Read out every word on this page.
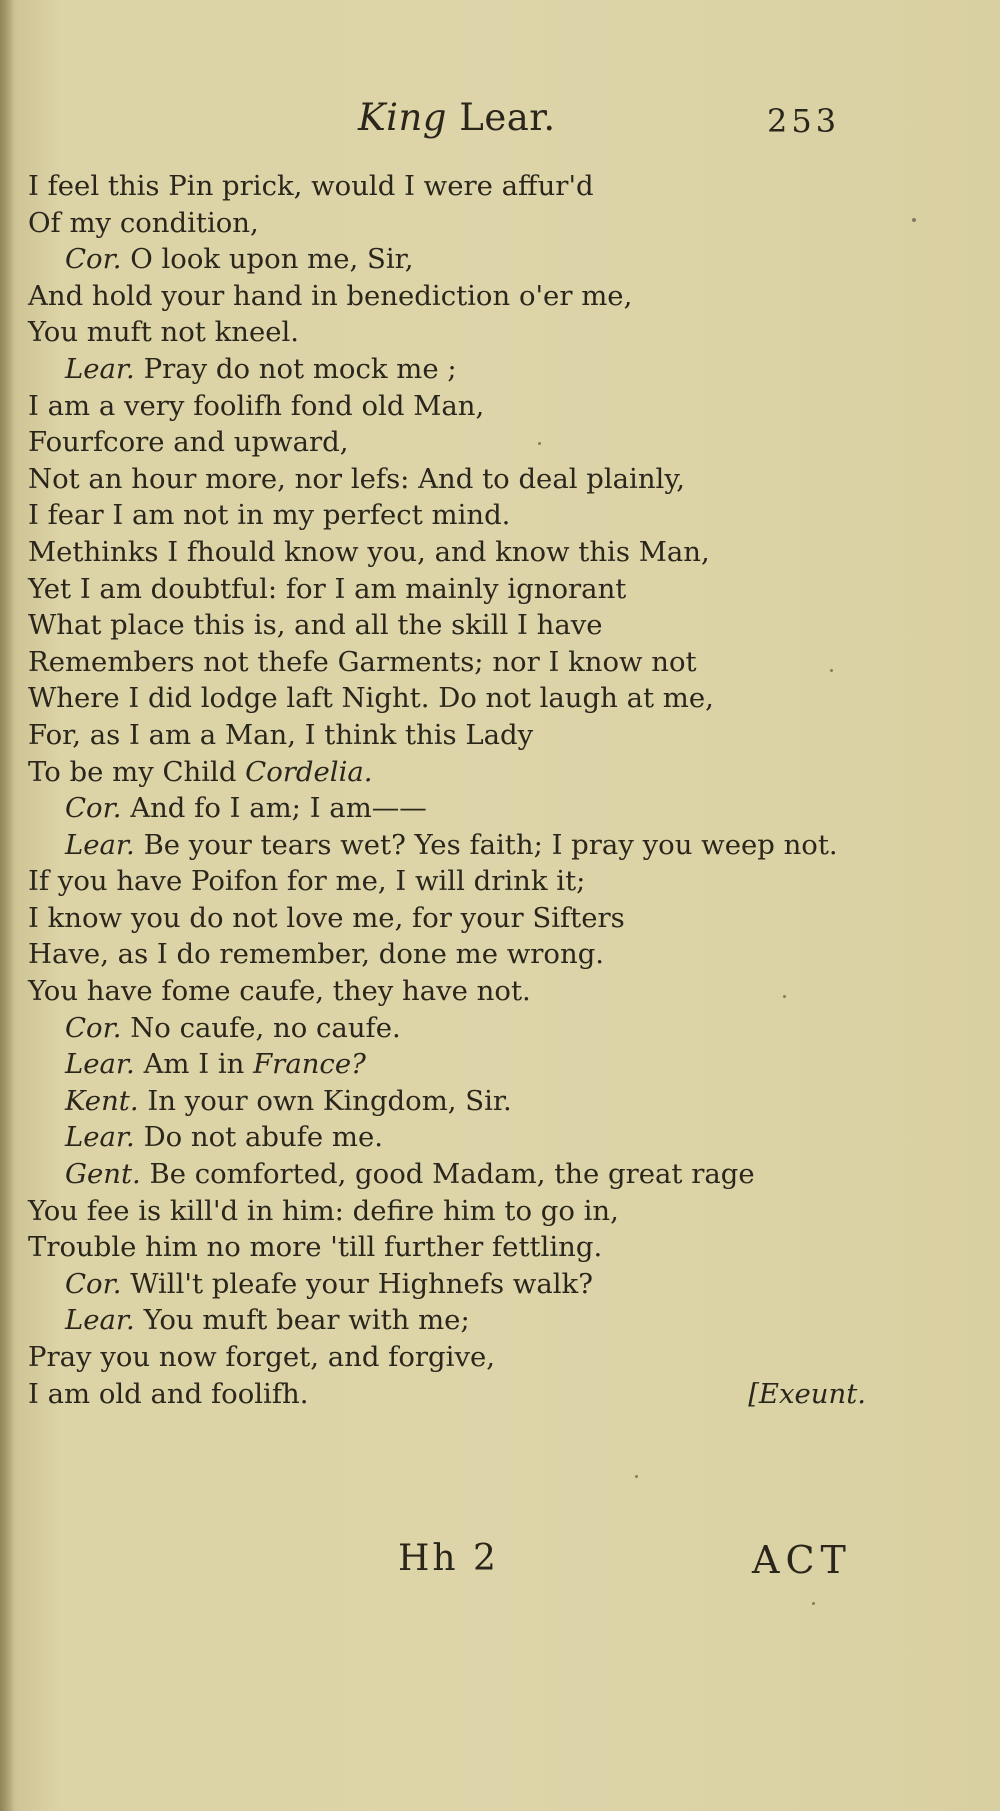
King Lear.	253
I feel this Pin prick, would I were affur'd
Of my condition,
Cor. O look upon me, Sir,
And hold your hand in benediction o'er me,
You muft not kneel.
Lear. Pray do not mock me ;
I am a very foolifh fond old Man,
Fourfcore and upward,
Not an hour more, nor lefs: And to deal plainly,
I fear I am not in my perfect mind.
Methinks I fhould know you, and know this Man,
Yet I am doubtful: for I am mainly ignorant
What place this is, and all the skill I have
Remembers not thefe Garments; nor I know not
Where I did lodge laft Night. Do not laugh at me,
For, as I am a Man, I think this Lady
To be my Child Cordelia.
Cor. And fo I am; I am——
Lear. Be your tears wet? Yes faith; I pray you weep not.
If you have Poifon for me, I will drink it;
I know you do not love me, for your Sifters
Have, as I do remember, done me wrong.
You have fome caufe, they have not.
Cor. No caufe, no caufe.
Lear. Am I in France?
Kent. In your own Kingdom, Sir.
Lear. Do not abufe me.
Gent. Be comforted, good Madam, the great rage
You fee is kill'd in him: defire him to go in,
Trouble him no more 'till further fettling.
Cor. Will't pleafe your Highnefs walk?
Lear. You muft bear with me;
Pray you now forget, and forgive,
I am old and foolifh.	[Exeunt.
Hh 2	ACT
